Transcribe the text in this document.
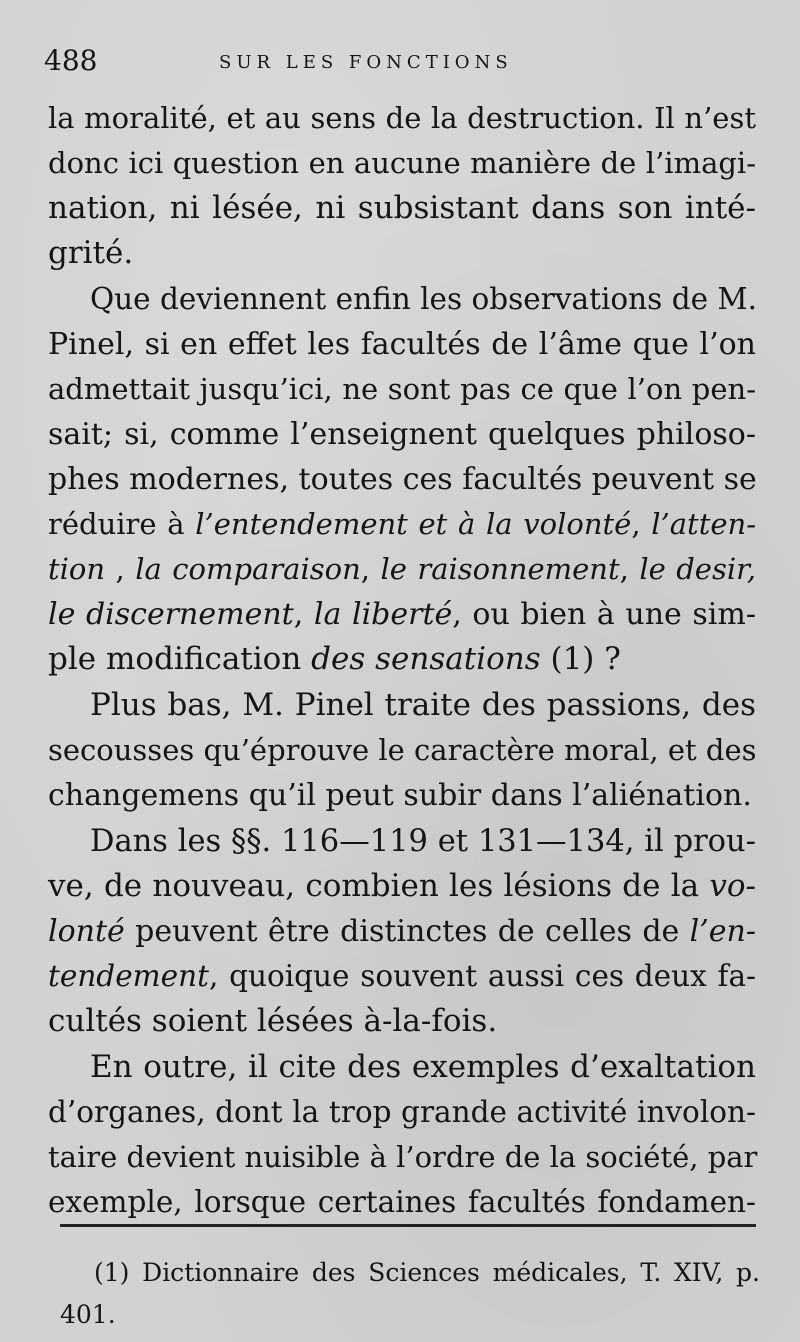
488	SUR LES FONCTIONS
la moralité, et au sens de la destruction. Il n’est
donc ici question en aucune manière de l’imagi-
nation, ni lésée, ni subsistant dans son inté-
grité.
Que deviennent enfin les observations de M.
Pinel, si en effet les facultés de l’âme que l’on
admettait jusqu’ici, ne sont pas ce que l’on pen-
sait; si, comme l’enseignent quelques philoso-
phes modernes, toutes ces facultés peuvent se
réduire à l’entendement et à la volonté, l’atten-
tion , la comparaison, le raisonnement, le desir,
le discernement, la liberté, ou bien à une sim-
ple modification des sensations (1) ?
Plus bas, M. Pinel traite des passions, des
secousses qu’éprouve le caractère moral, et des
changemens qu’il peut subir dans l’aliénation.
Dans les §§. 116—119 et 131—134, il prou-
ve, de nouveau, combien les lésions de la vo-
lonté peuvent être distinctes de celles de l’en-
tendement, quoique souvent aussi ces deux fa-
cultés soient lésées à-la-fois.
En outre, il cite des exemples d’exaltation
d’organes, dont la trop grande activité involon-
taire devient nuisible à l’ordre de la société, par
exemple, lorsque certaines facultés fondamen-
(1) Dictionnaire des Sciences médicales, T. XIV, p.
401.
